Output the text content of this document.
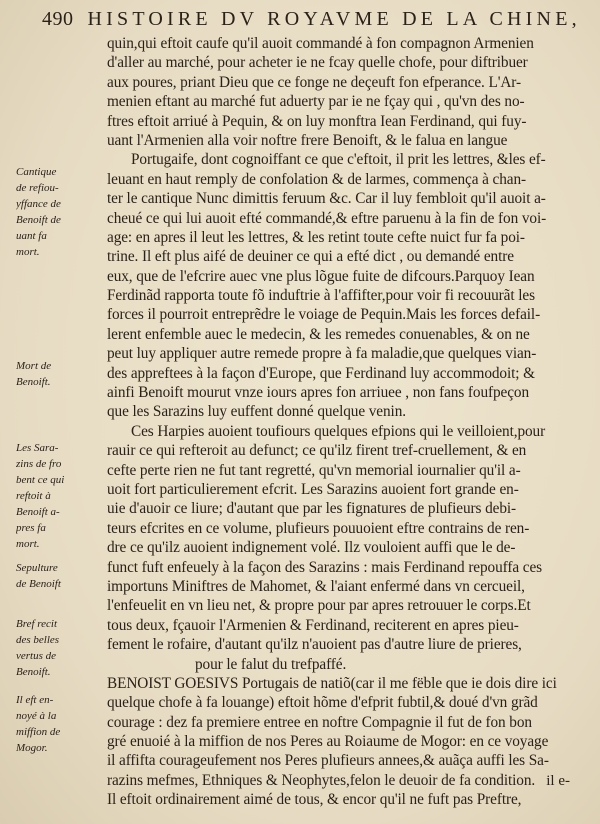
490 HISTOIRE DV ROYAVME DE LA CHINE,
quin,qui eftoit caufe qu'il auoit commandé à fon compagnon Armenien
d'aller au marché, pour acheter ie ne fcay quelle chofe, pour diftribuer
aux poures, priant Dieu que ce fonge ne deçeuft fon efperance. L'Ar-
menien eftant au marché fut aduerty par ie ne fçay qui , qu'vn des no-
ftres eftoit arriué à Pequin, & on luy monftra Iean Ferdinand, qui fuy-
uant l'Armenien alla voir noftre frere Benoift, & le falua en langue
Portugaife, dont cognoiffant ce que c'eftoit, il prit les lettres, &les ef-
leuant en haut remply de confolation & de larmes, commença à chan-
ter le cantique Nunc dimittis feruum &c. Car il luy fembloit qu'il auoit a-
cheué ce qui lui auoit efté commandé,& eftre paruenu à la fin de fon voi-
age: en apres il leut les lettres, & les retint toute cefte nuict fur fa poi-
trine. Il eft plus aifé de deuiner ce qui a efté dict , ou demandé entre
eux, que de l'efcrire auec vne plus lõgue fuite de difcours.Parquoy Iean
Ferdinãd rapporta toute fõ induftrie à l'affifter,pour voir fi recouurãt les
forces il pourroit entreprẽdre le voiage de Pequin.Mais les forces defail-
lerent enfemble auec le medecin, & les remedes conuenables, & on ne
peut luy appliquer autre remede propre à fa maladie,que quelques vian-
des appreftees à la façon d'Europe, que Ferdinand luy accommodoit; &
ainfi Benoift mourut vnze iours apres fon arriuee , non fans foufpeçon
que les Sarazins luy euffent donné quelque venin.
Ces Harpies auoient toufiours quelques efpions qui le veilloient,pour
rauir ce qui refteroit au defunct; ce qu'ilz firent tref-cruellement, & en
cefte perte rien ne fut tant regretté, qu'vn memorial iournalier qu'il a-
uoit fort particulierement efcrit. Les Sarazins auoient fort grande en-
uie d'auoir ce liure; d'autant que par les fignatures de plufieurs debi-
teurs efcrites en ce volume, plufieurs pouuoient eftre contrains de ren-
dre ce qu'ilz auoient indignement volé. Ilz vouloient auffi que le de-
funct fuft enfeuely à la façon des Sarazins : mais Ferdinand repouffa ces
importuns Miniftres de Mahomet, & l'aiant enfermé dans vn cercueil,
l'enfeuelit en vn lieu net, & propre pour par apres retrouuer le corps.Et
tous deux, fçauoir l'Armenien & Ferdinand, reciterent en apres pieu-
fement le rofaire, d'autant qu'ilz n'auoient pas d'autre liure de prieres,
pour le falut du trefpaffé.
BENOIST GOESIVS Portugais de natiõ(car il me fëble que ie dois dire ici
quelque chofe à fa louange) eftoit hõme d'efprit fubtil,& doué d'vn grãd
courage : dez fa premiere entree en noftre Compagnie il fut de fon bon
gré enuoié à la miffion de nos Peres au Roiaume de Mogor: en ce voyage
il affifta courageufement nos Peres plufieurs annees,& auãça auffi les Sa-
razins mefmes, Ethniques & Neophytes,felon le deuoir de fa condition.
Il eftoit ordinairement aimé de tous, & encor qu'il ne fuft pas Preftre,
Cantique
de refiou-
yffance de
Benoift de
uant fa
mort.
Mort de
Benoift.
Les Sara-
zins de fro
bent ce qui
reftoit à
Benoift a-
pres fa
mort.
Sepulture
de Benoift
Bref recit
des belles
vertus de
Benoift.
Il eft en-
noyé à la
miffion de
Mogor.
il e-
